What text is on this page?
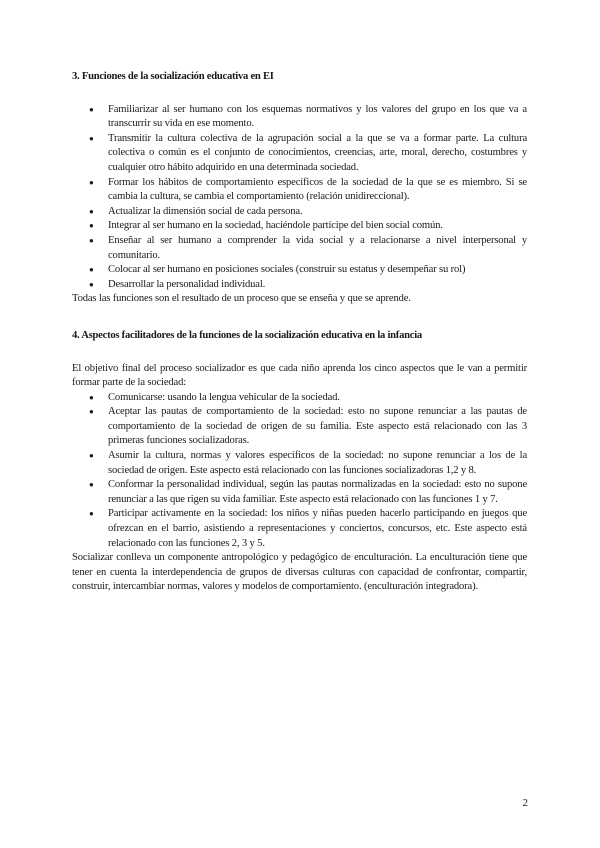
3. Funciones de la socialización educativa en EI

● Familiarizar al ser humano con los esquemas normativos y los valores del grupo en los que va a transcurrir su vida en ese momento.
● Transmitir la cultura colectiva de la agrupación social a la que se va a formar parte. La cultura colectiva o común es el conjunto de conocimientos, creencias, arte, moral, derecho, costumbres y cualquier otro hábito adquirido en una determinada sociedad.
● Formar los hábitos de comportamiento específicos de la sociedad de la que se es miembro. Si se cambia la cultura, se cambia el comportamiento (relación unidireccional).
● Actualizar la dimensión social de cada persona.
● Integrar al ser humano en la sociedad, haciéndole partícipe del bien social común.
● Enseñar al ser humano a comprender la vida social y a relacionarse a nivel interpersonal y comunitario.
● Colocar al ser humano en posiciones sociales (construir su estatus y desempeñar su rol)
● Desarrollar la personalidad individual.

Todas las funciones son el resultado de un proceso que se enseña y que se aprende.

4. Aspectos facilitadores de la funciones de la socialización educativa en la infancia

El objetivo final del proceso socializador es que cada niño aprenda los cinco aspectos que le van a permitir formar parte de la sociedad:

● Comunicarse: usando la lengua vehicular de la sociedad.
● Aceptar las pautas de comportamiento de la sociedad: esto no supone renunciar a las pautas de comportamiento de la sociedad de origen de su familia. Este aspecto está relacionado con las 3 primeras funciones socializadoras.
● Asumir la cultura, normas y valores específicos de la sociedad: no supone renunciar a los de la sociedad de origen. Este aspecto está relacionado con las funciones socializadoras 1,2 y 8.
● Conformar la personalidad individual, según las pautas normalizadas en la sociedad: esto no supone renunciar a las que rigen su vida familiar. Este aspecto está relacionado con las funciones 1 y 7.
● Participar activamente en la sociedad: los niños y niñas pueden hacerlo participando en juegos que ofrezcan en el barrio, asistiendo a representaciones y conciertos, concursos, etc. Este aspecto está relacionado con las funciones 2, 3 y 5.

Socializar conlleva un componente antropológico y pedagógico de enculturación. La enculturación tiene que tener en cuenta la interdependencia de grupos de diversas culturas con capacidad de confrontar, compartir, construir, intercambiar normas, valores y modelos de comportamiento. (enculturación integradora).

2
